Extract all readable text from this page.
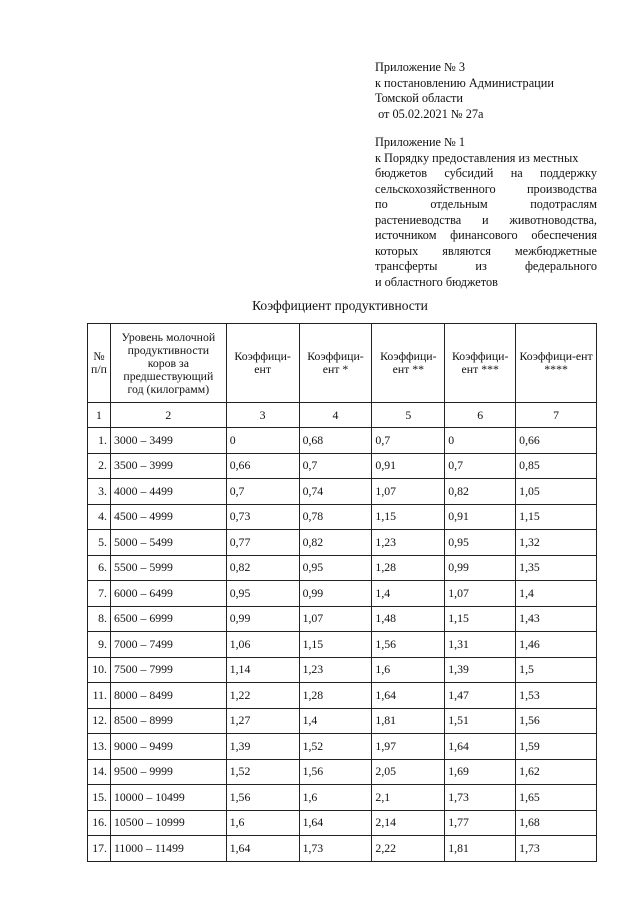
Приложение № 3

к постановлению Администрации

Томской области

от 05.02.2021 № 27а

Приложение № 1

к Порядку предоставления из местных

бюджетов субсидий на поддержку

сельскохозяйственного производства

по отдельным подотраслям

растениеводства и животноводства,

источником финансового обеспечения

которых являются межбюджетные

трансферты из федерального

и областного бюджетов

Коэффициент продуктивности
№ п/п	Уровень молочной продуктивности коров за предшествующий год (килограмм)	Коэффици-ент	Коэффици-ент *	Коэффици-ент **	Коэффици-ент ***	Коэффици-ент ****
1	2	3	4	5	6	7
1.	3000 – 3499	0	0,68	0,7	0	0,66
2.	3500 – 3999	0,66	0,7	0,91	0,7	0,85
3.	4000 – 4499	0,7	0,74	1,07	0,82	1,05
4.	4500 – 4999	0,73	0,78	1,15	0,91	1,15
5.	5000 – 5499	0,77	0,82	1,23	0,95	1,32
6.	5500 – 5999	0,82	0,95	1,28	0,99	1,35
7.	6000 – 6499	0,95	0,99	1,4	1,07	1,4
8.	6500 – 6999	0,99	1,07	1,48	1,15	1,43
9.	7000 – 7499	1,06	1,15	1,56	1,31	1,46
10.	7500 – 7999	1,14	1,23	1,6	1,39	1,5
11.	8000 – 8499	1,22	1,28	1,64	1,47	1,53
12.	8500 – 8999	1,27	1,4	1,81	1,51	1,56
13.	9000 – 9499	1,39	1,52	1,97	1,64	1,59
14.	9500 – 9999	1,52	1,56	2,05	1,69	1,62
15.	10000 – 10499	1,56	1,6	2,1	1,73	1,65
16.	10500 – 10999	1,6	1,64	2,14	1,77	1,68
17.	11000 – 11499	1,64	1,73	2,22	1,81	1,73
